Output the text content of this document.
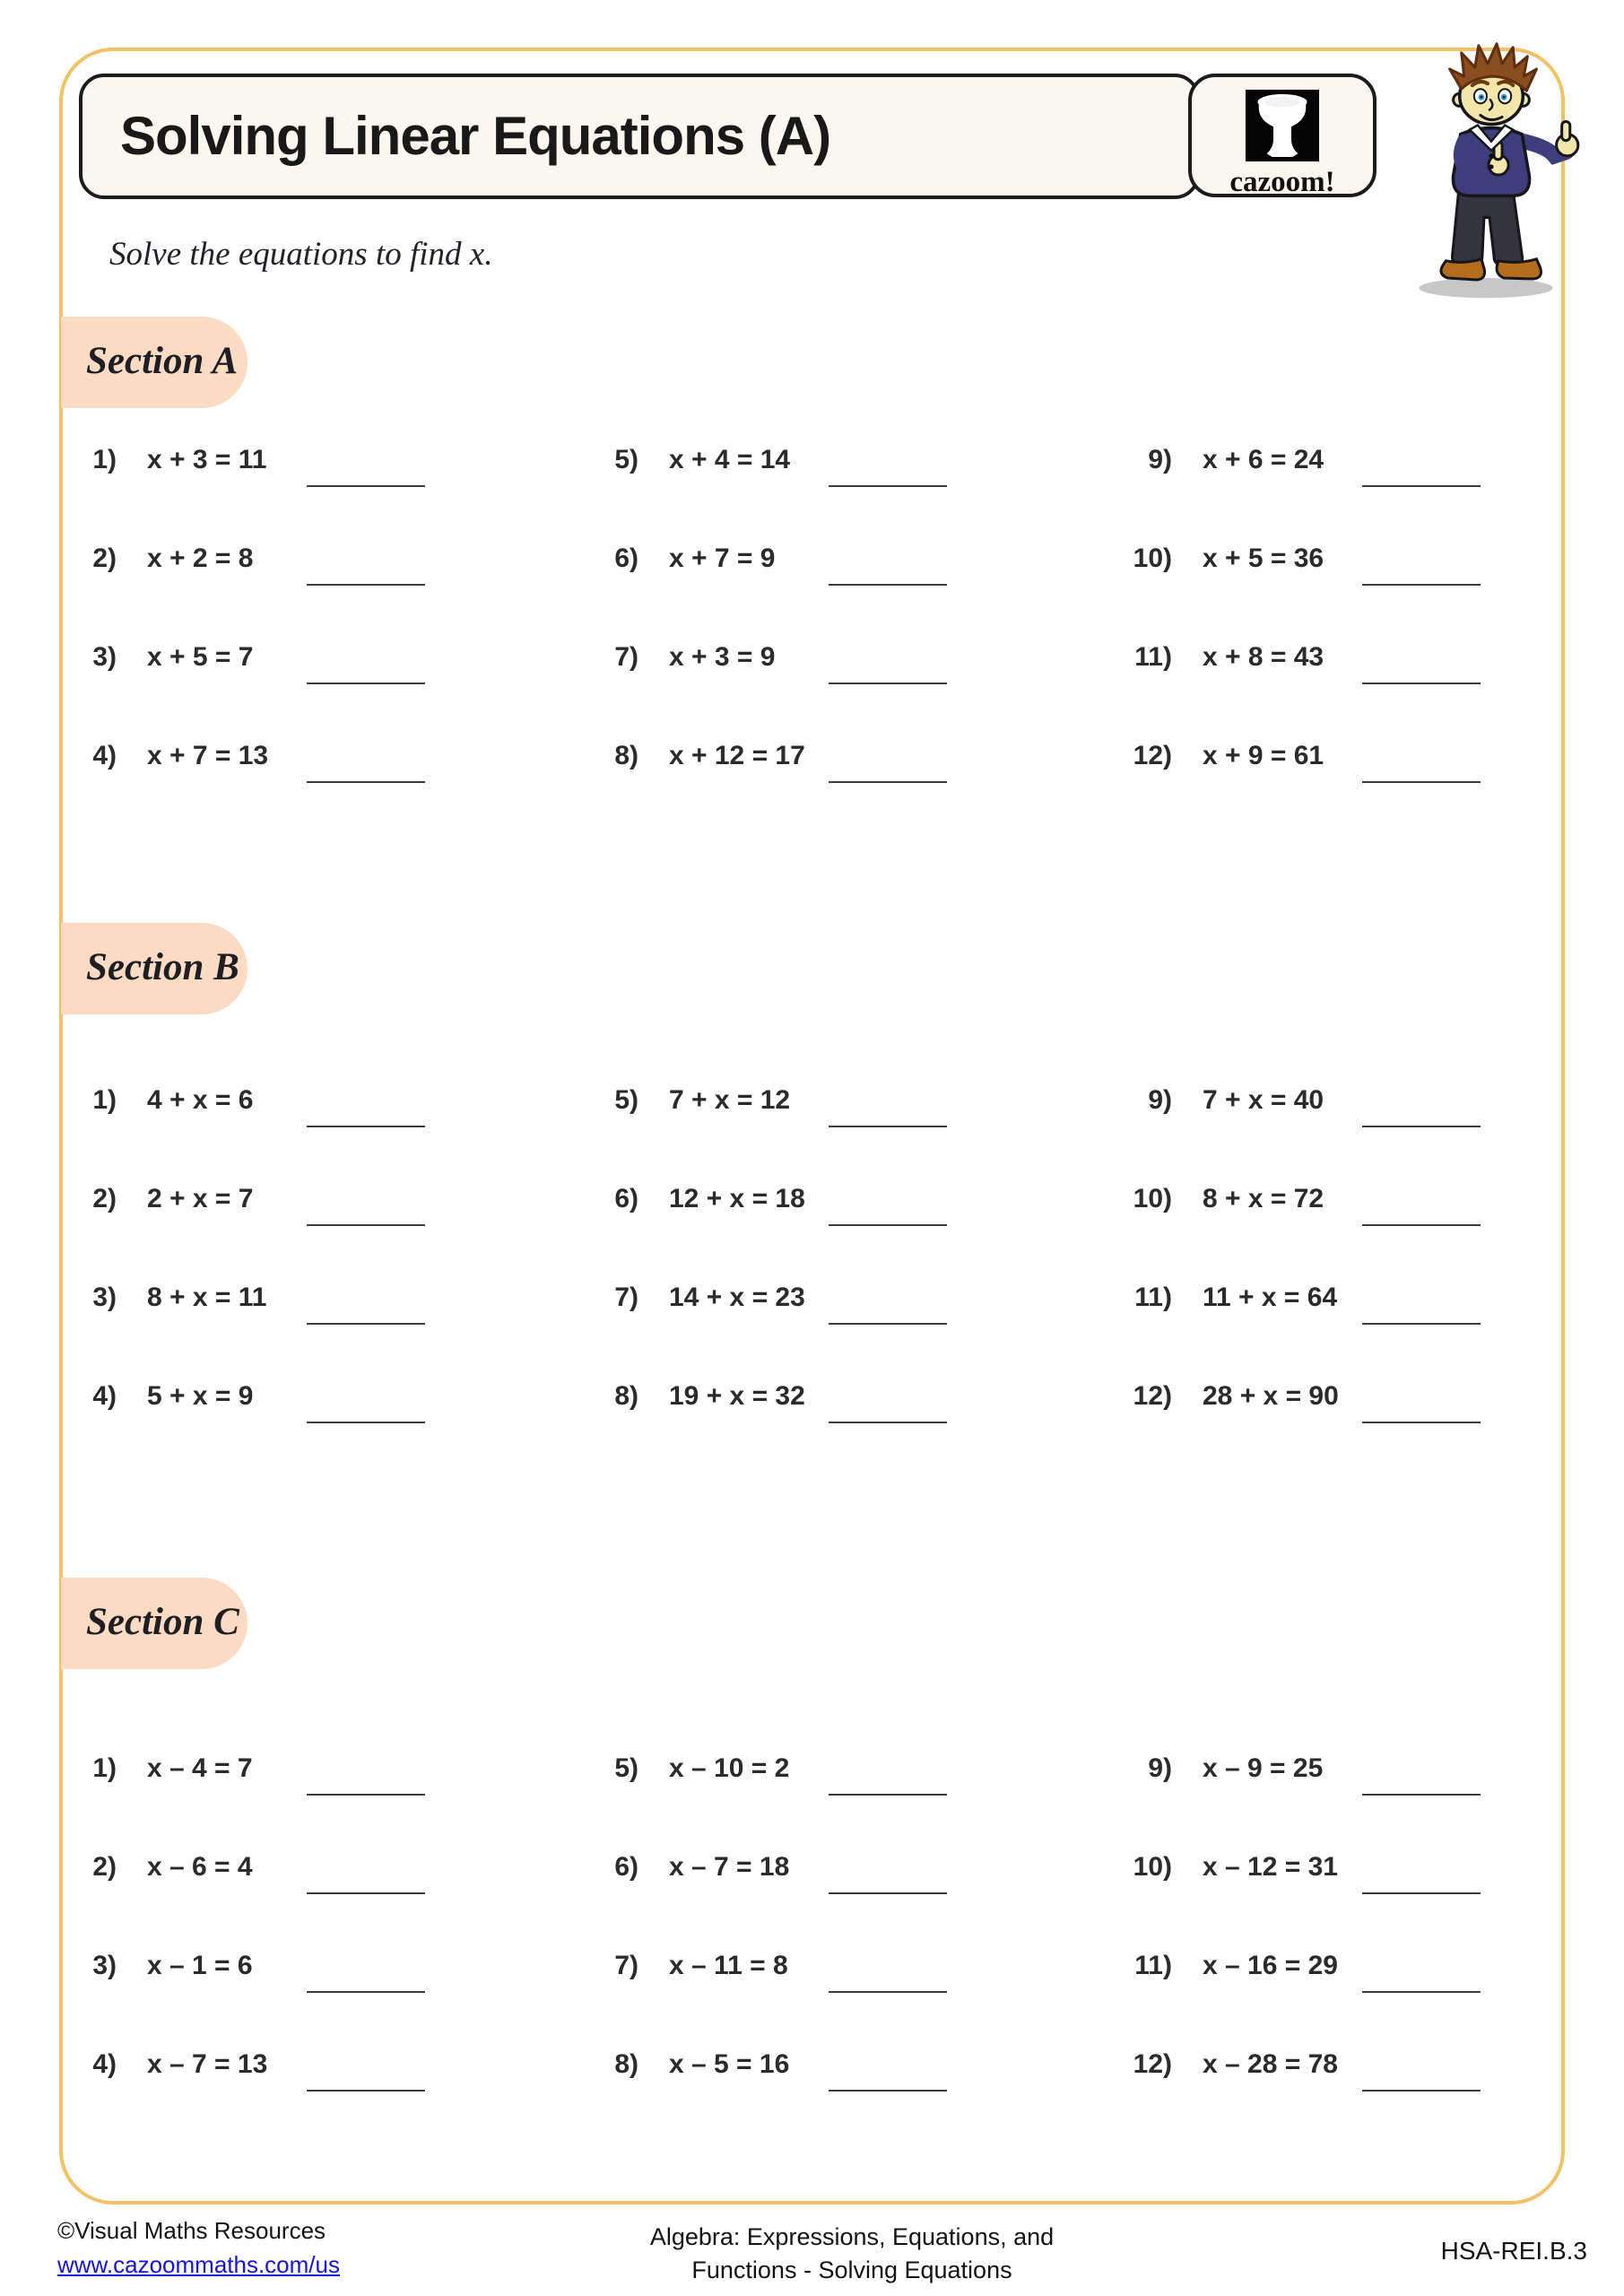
Solving Linear Equations (A)
cazoom!

Solve the equations to find x.

Section A
1) x + 3 = 11
2) x + 2 = 8
3) x + 5 = 7
4) x + 7 = 13
5) x + 4 = 14
6) x + 7 = 9
7) x + 3 = 9
8) x + 12 = 17
9) x + 6 = 24
10) x + 5 = 36
11) x + 8 = 43
12) x + 9 = 61
Section B
1) 4 + x = 6
2) 2 + x = 7
3) 8 + x = 11
4) 5 + x = 9
5) 7 + x = 12
6) 12 + x = 18
7) 14 + x = 23
8) 19 + x = 32
9) 7 + x = 40
10) 8 + x = 72
11) 11 + x = 64
12) 28 + x = 90
Section C
1) x – 4 = 7
2) x – 6 = 4
3) x – 1 = 6
4) x – 7 = 13
5) x – 10 = 2
6) x – 7 = 18
7) x – 11 = 8
8) x – 5 = 16
9) x – 9 = 25
10) x – 12 = 31
11) x – 16 = 29
12) x – 28 = 78
©Visual Maths Resources
www.cazoommaths.com/us
Algebra: Expressions, Equations, and
Functions - Solving Equations
HSA-REI.B.3
